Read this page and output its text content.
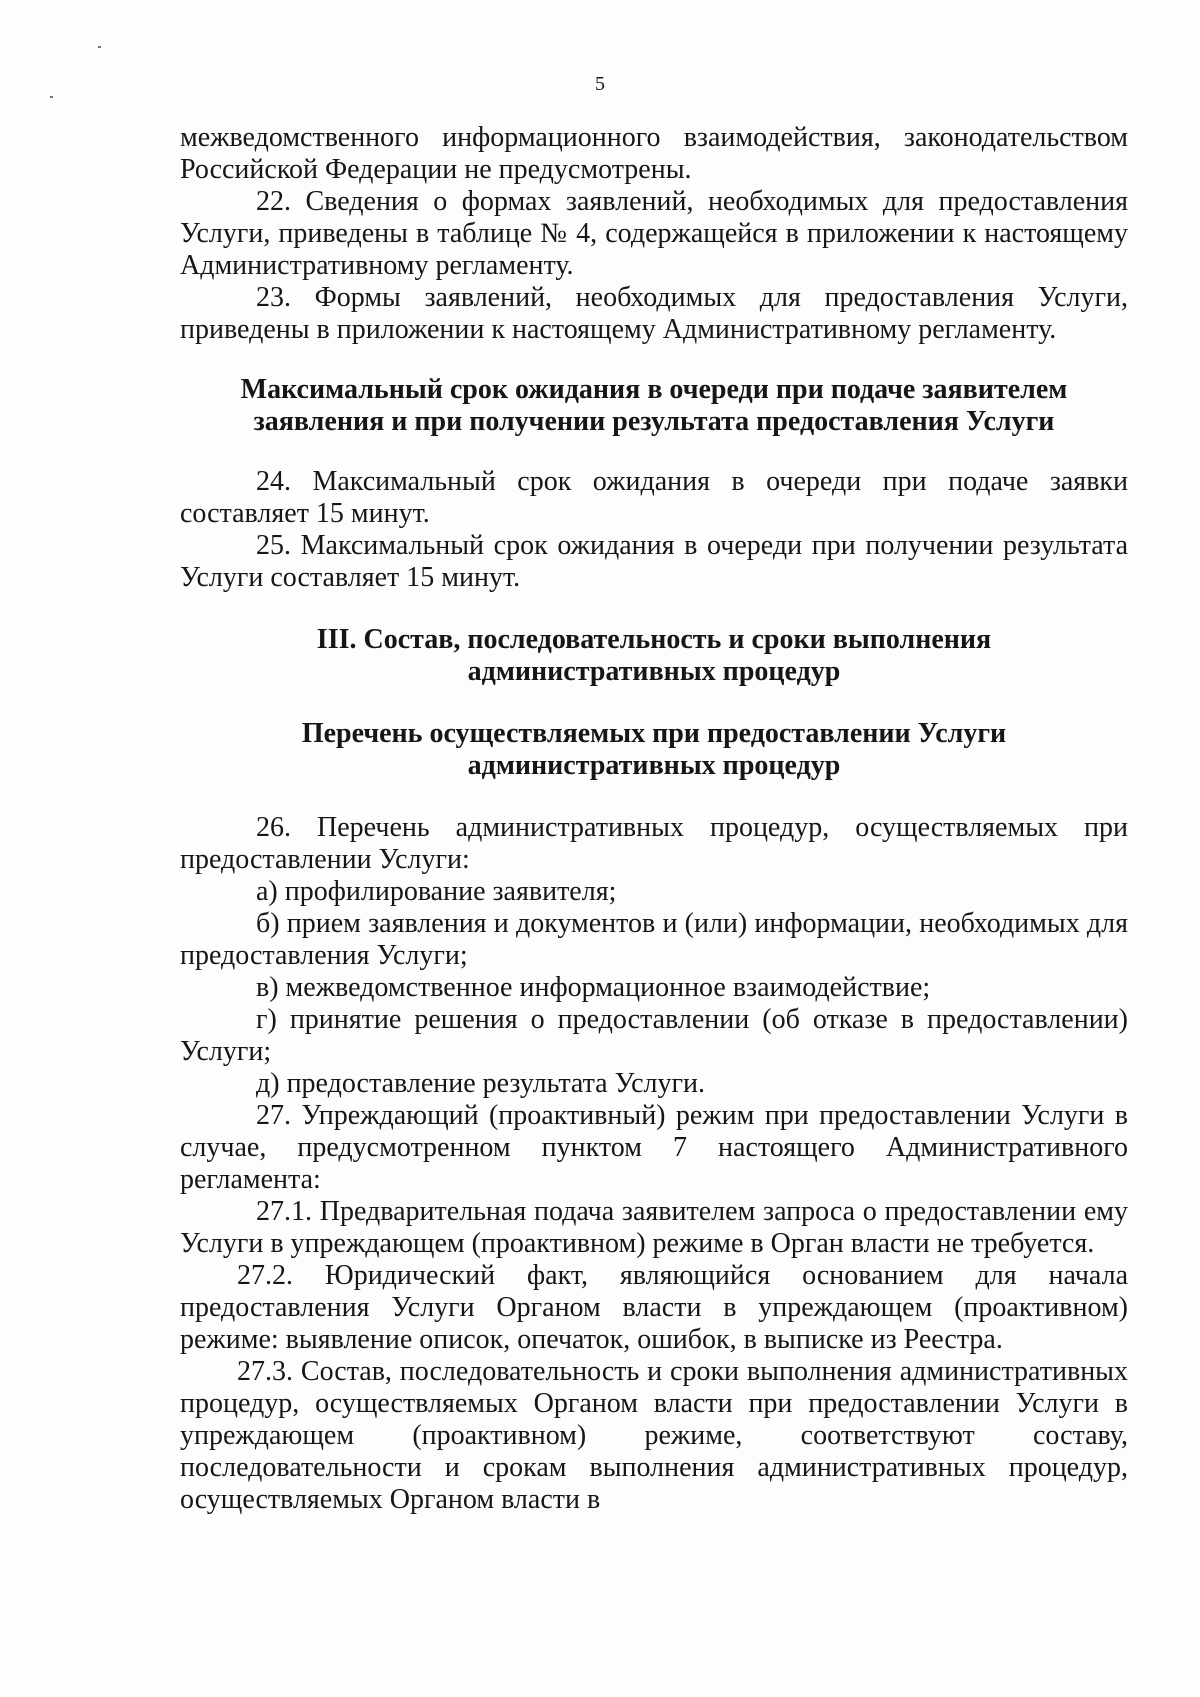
5

межведомственного информационного взаимодействия, законодательством Российской Федерации не предусмотрены.

22. Сведения о формах заявлений, необходимых для предоставления Услуги, приведены в таблице № 4, содержащейся в приложении к настоящему Административному регламенту.

23. Формы заявлений, необходимых для предоставления Услуги, приведены в приложении к настоящему Административному регламенту.

Максимальный срок ожидания в очереди при подаче заявителем

заявления и при получении результата предоставления Услуги

24. Максимальный срок ожидания в очереди при подаче заявки составляет 15 минут.

25. Максимальный срок ожидания в очереди при получении результата Услуги составляет 15 минут.

III. Состав, последовательность и сроки выполнения

административных процедур

Перечень осуществляемых при предоставлении Услуги

административных процедур

26. Перечень административных процедур, осуществляемых при предоставлении Услуги:

а) профилирование заявителя;

б) прием заявления и документов и (или) информации, необходимых для предоставления Услуги;

в) межведомственное информационное взаимодействие;

г) принятие решения о предоставлении (об отказе в предоставлении) Услуги;

д) предоставление результата Услуги.

27. Упреждающий (проактивный) режим при предоставлении Услуги в случае, предусмотренном пунктом 7 настоящего Административного регламента:

27.1. Предварительная подача заявителем запроса о предоставлении ему Услуги в упреждающем (проактивном) режиме в Орган власти не требуется.

27.2. Юридический факт, являющийся основанием для начала предоставления Услуги Органом власти в упреждающем (проактивном) режиме: выявление описок, опечаток, ошибок, в выписке из Реестра.

27.3. Состав, последовательность и сроки выполнения административных процедур, осуществляемых Органом власти при предоставлении Услуги в упреждающем (проактивном) режиме, соответствуют составу, последовательности и срокам выполнения административных процедур, осуществляемых Органом власти в
